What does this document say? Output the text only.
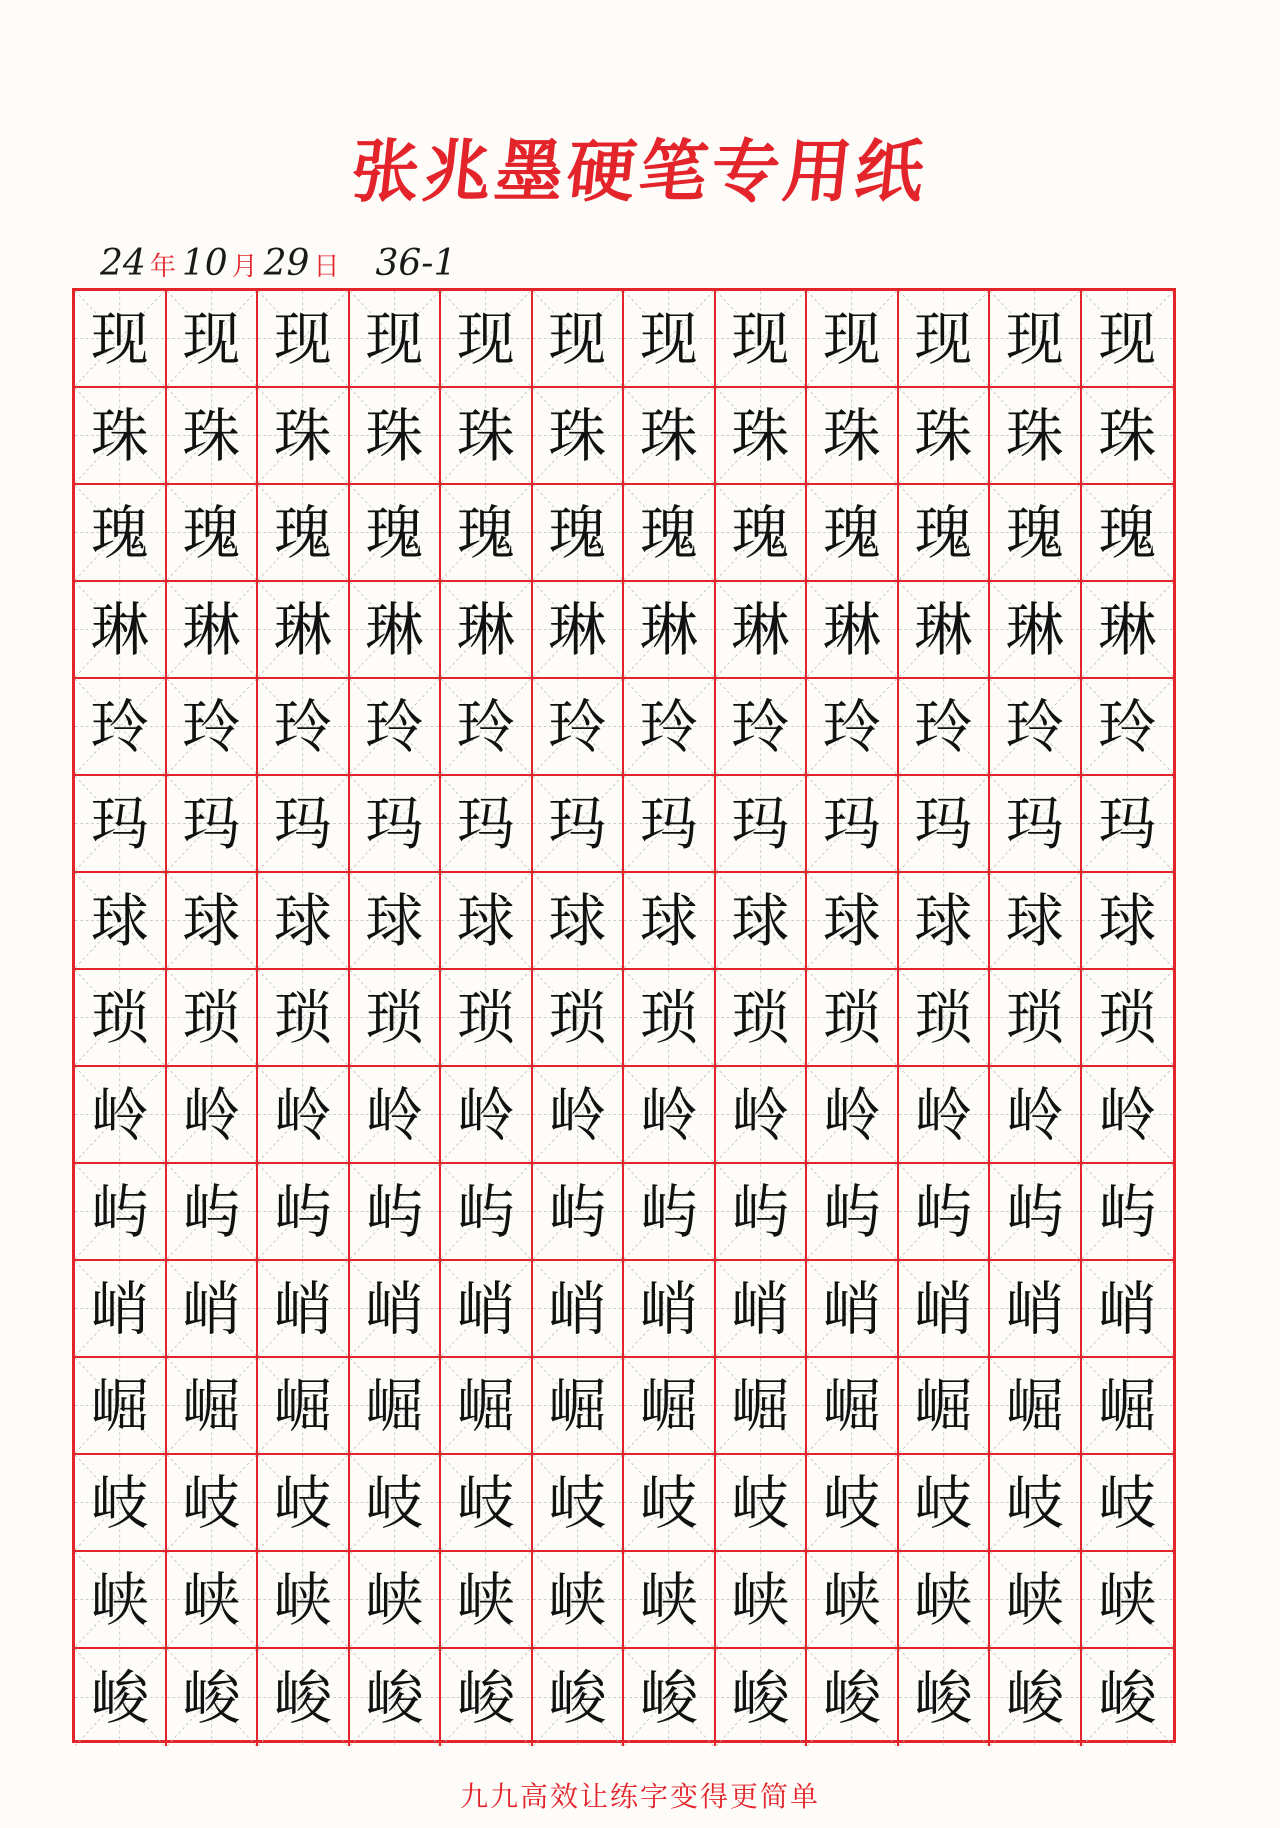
张兆墨硬笔专用纸
24 年 10 月 29 日 36-1
现 现 现 现 现 现 现 现 现 现 现 现
珠 珠 珠 珠 珠 珠 珠 珠 珠 珠 珠 珠
瑰 瑰 瑰 瑰 瑰 瑰 瑰 瑰 瑰 瑰 瑰 瑰
琳 琳 琳 琳 琳 琳 琳 琳 琳 琳 琳 琳
玲 玲 玲 玲 玲 玲 玲 玲 玲 玲 玲 玲
玛 玛 玛 玛 玛 玛 玛 玛 玛 玛 玛 玛
球 球 球 球 球 球 球 球 球 球 球 球
琐 琐 琐 琐 琐 琐 琐 琐 琐 琐 琐 琐
岭 岭 岭 岭 岭 岭 岭 岭 岭 岭 岭 岭
屿 屿 屿 屿 屿 屿 屿 屿 屿 屿 屿 屿
峭 峭 峭 峭 峭 峭 峭 峭 峭 峭 峭 峭
崛 崛 崛 崛 崛 崛 崛 崛 崛 崛 崛 崛
岐 岐 岐 岐 岐 岐 岐 岐 岐 岐 岐 岐
峡 峡 峡 峡 峡 峡 峡 峡 峡 峡 峡 峡
峻 峻 峻 峻 峻 峻 峻 峻 峻 峻 峻 峻
九九高效让练字变得更简单
